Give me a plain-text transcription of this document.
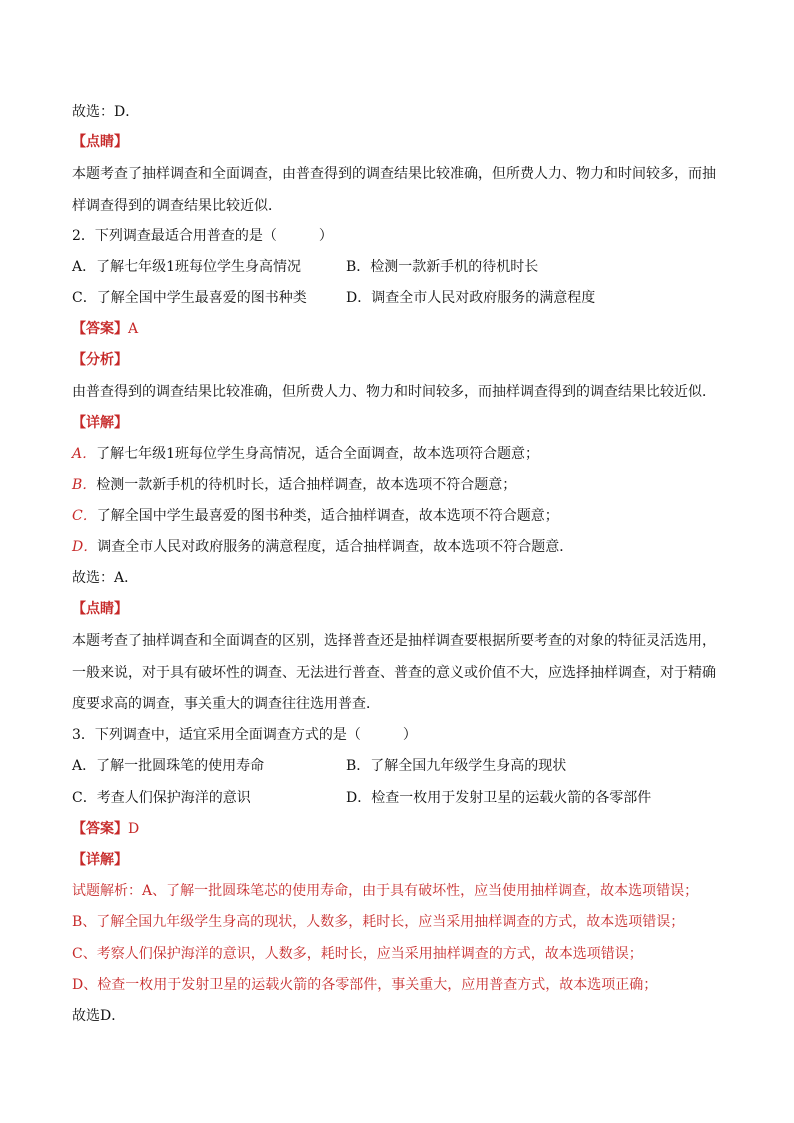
故选：D．
【点睛】
本题考查了抽样调查和全面调查，由普查得到的调查结果比较准确，但所费人力、物力和时间较多，而抽
样调查得到的调查结果比较近似．
2．下列调查最适合用普查的是（　　　）
A．了解七年级1班每位学生身高情况	B．检测一款新手机的待机时长
C．了解全国中学生最喜爱的图书种类	D．调查全市人民对政府服务的满意程度
【答案】A
【分析】
由普查得到的调查结果比较准确，但所费人力、物力和时间较多，而抽样调查得到的调查结果比较近似．
【详解】
A．了解七年级1班每位学生身高情况，适合全面调查，故本选项符合题意；
B．检测一款新手机的待机时长，适合抽样调查，故本选项不符合题意；
C．了解全国中学生最喜爱的图书种类，适合抽样调查，故本选项不符合题意；
D．调查全市人民对政府服务的满意程度，适合抽样调查，故本选项不符合题意．
故选：A．
【点睛】
本题考查了抽样调查和全面调查的区别，选择普查还是抽样调查要根据所要考查的对象的特征灵活选用，
一般来说，对于具有破坏性的调查、无法进行普查、普查的意义或价值不大，应选择抽样调查，对于精确
度要求高的调查，事关重大的调查往往选用普查．
3．下列调查中，适宜采用全面调查方式的是（　　　）
A．了解一批圆珠笔的使用寿命	B．了解全国九年级学生身高的现状
C．考查人们保护海洋的意识	D．检查一枚用于发射卫星的运载火箭的各零部件
【答案】D
【详解】
试题解析：A、了解一批圆珠笔芯的使用寿命，由于具有破坏性，应当使用抽样调查，故本选项错误；
B、了解全国九年级学生身高的现状，人数多，耗时长，应当采用抽样调查的方式，故本选项错误；
C、考察人们保护海洋的意识，人数多，耗时长，应当采用抽样调查的方式，故本选项错误；
D、检查一枚用于发射卫星的运载火箭的各零部件，事关重大，应用普查方式，故本选项正确；
故选D．
